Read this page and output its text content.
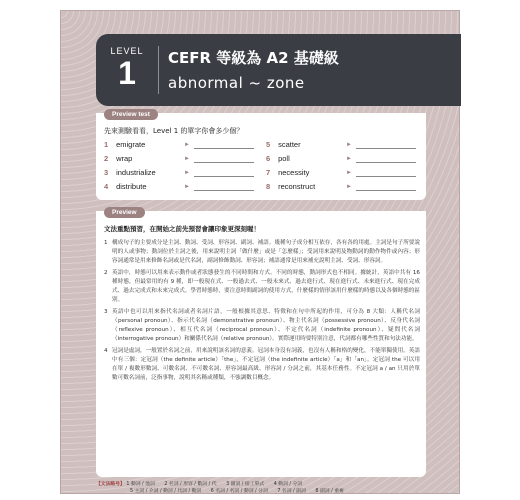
LEVEL
1	CEFR 等級為 A2 基礎級
abnormal ~ zone
Preview test
先來測驗看看，Level 1 的單字你會多少個？
1 emigrate	►
2 wrap	►
3 industrialize	►
4 distribute	►
5 scatter	►
6 poll	►
7 necessity	►
8 reconstruct	►
Preview
文法重點預習，在開始之前先預習會讓印象更深刻喔！
1 構成句子的主要成分是主詞、動詞、受詞、形容詞、副詞、補語。幾種句子成分相互依存，各有各的用處。主詞是句子所要說明的人或事物；動詞位於主詞之後，用來說明主詞「做什麼」或是「怎麼樣」；受詞用來說明及物動詞的動作物件或內容；形容詞通常是用來修飾名詞或是代名詞，副詞修飾動詞、形容詞；補語通常是用來補充說明主詞、受詞、形容詞。
2 英語中，時態可以用來表示動作或者狀態發生的不同時間和方式。不同的時態，動詞形式也不相同。據統計，英語中共有 16 種時態，但最常用的有 9 種，即一般現在式、一般過去式、一般未來式、過去進行式、現在進行式、未來進行式、現在完成式、過去完成式和未來完成式。學習時態時，要注意時間副詞的使用方式，什麼樣的情形該用什麼樣的時態以及各個時態的區別。
3 英語中也可以用來指代名詞或者名詞片語，一般根據其意思、特徵和在句中所起的作用，可分為 8 大類：人稱代名詞（personal pronoun）、指示代名詞（demonstrative pronoun）、物主代名詞（possessive pronoun）、反身代名詞（reflexive pronoun）、相互代名詞（reciprocal pronoun）、不定代名詞（indefinite pronoun）、疑問代名詞（interrogative pronoun）和關係代名詞（relative pronoun）。實際運用時要特別注意，代詞都有哪些性質和句法功能。
4 冠詞是虛詞，一般置於名詞之前，用來說明該名詞的意義。冠詞本身沒有詞義，也沒有人稱和格的變化，不能單獨使用。英語中有三個：定冠詞（the definite article）「the」，不定冠詞（the indefinite article）「a」和「an」。定冠詞 the 可以用在單 / 複數形數詞、可數名詞、不可數名詞、形容詞最高級、形容詞 / 分詞之前，其基本任務性。不定冠詞 a / an 只用於單數可數名詞前，泛指事物，說明其名稱或種類，不強調數目概念。
【文法略号】 1 動詞 / 他詞　　2 名詞 / 形容 / 數詞 / 代　　3 副詞 / 接工單式　　4 動詞 / 分詞
5 主詞 / 介詞 / 動詞 / 代詞 / 動詞　　6 名詞 / 名詞 / 動詞 / 分詞　　7 名詞 / 副詞　　8 副詞 / 重複
